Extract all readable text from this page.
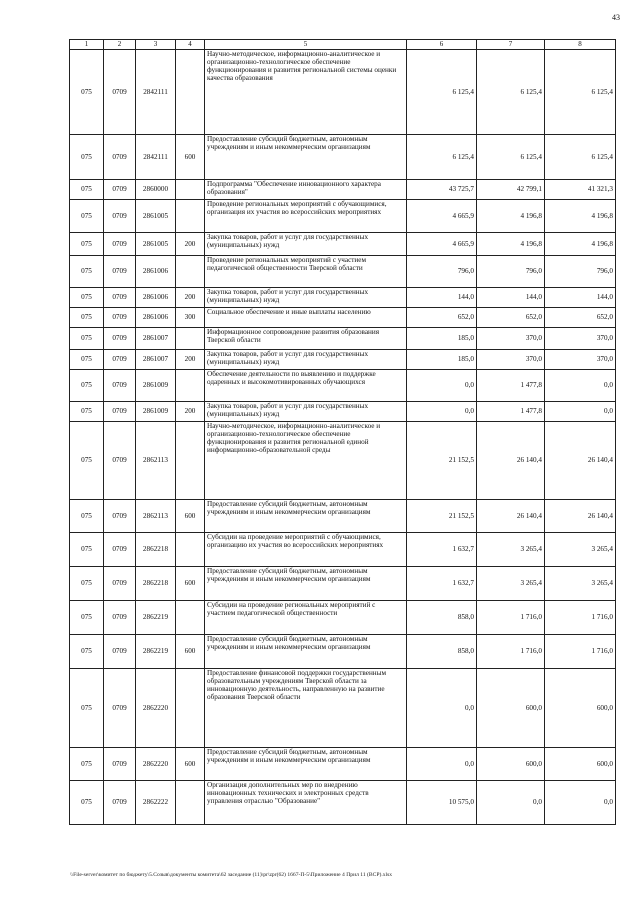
43
1	2	3	4	5	6	7	8
075	0709	2842111		Научно-методическое, информационно-аналитическое и организационно-технологическое обеспечение функционирования и развития региональной системы оценки качества образования	6 125,4	6 125,4	6 125,4
075	0709	2842111	600	Предоставление субсидий бюджетным, автономным учреждениям и иным некоммерческим организациям	6 125,4	6 125,4	6 125,4
075	0709	2860000		Подпрограмма "Обеспечение инновационного характера образования"	43 725,7	42 799,1	41 321,3
075	0709	2861005		Проведение региональных мероприятий с обучающимися, организация их участия во всероссийских мероприятиях	4 665,9	4 196,8	4 196,8
075	0709	2861005	200	Закупка товаров, работ и услуг для государственных (муниципальных) нужд	4 665,9	4 196,8	4 196,8
075	0709	2861006		Проведение региональных мероприятий с участием педагогической общественности Тверской области	796,0	796,0	796,0
075	0709	2861006	200	Закупка товаров, работ и услуг для государственных (муниципальных) нужд	144,0	144,0	144,0
075	0709	2861006	300	Социальное обеспечение и иные выплаты населению	652,0	652,0	652,0
075	0709	2861007		Информационное сопровождение развития образования Тверской области	185,0	370,0	370,0
075	0709	2861007	200	Закупка товаров, работ и услуг для государственных (муниципальных) нужд	185,0	370,0	370,0
075	0709	2861009		Обеспечение деятельности по выявлению и поддержке одаренных и высокомотивированных обучающихся	0,0	1 477,8	0,0
075	0709	2861009	200	Закупка товаров, работ и услуг для государственных (муниципальных) нужд	0,0	1 477,8	0,0
075	0709	2862113		Научно-методическое, информационно-аналитическое и организационно-технологическое обеспечение функционирования и развития региональной единой информационно-образовательной среды	21 152,5	26 140,4	26 140,4
075	0709	2862113	600	Предоставление субсидий бюджетным, автономным учреждениям и иным некоммерческим организациям	21 152,5	26 140,4	26 140,4
075	0709	2862218		Субсидии на проведение мероприятий с обучающимися, организацию их участия во всероссийских мероприятиях	1 632,7	3 265,4	3 265,4
075	0709	2862218	600	Предоставление субсидий бюджетным, автономным учреждениям и иным некоммерческим организациям	1 632,7	3 265,4	3 265,4
075	0709	2862219		Субсидии на проведение региональных мероприятий с участием педагогической общественности	858,0	1 716,0	1 716,0
075	0709	2862219	600	Предоставление субсидий бюджетным, автономным учреждениям и иным некоммерческим организациям	858,0	1 716,0	1 716,0
075	0709	2862220		Предоставление финансовой поддержки государственным образовательным учреждениям Тверской области за инновационную деятельность, направленную на развитие образования Тверской области	0,0	600,0	600,0
075	0709	2862220	600	Предоставление субсидий бюджетным, автономным учреждениям и иным некоммерческим организациям	0,0	600,0	600,0
075	0709	2862222		Организация дополнительных мер по внедрению инновационных технических и электронных средств управления отраслью "Образование"	10 575,0	0,0	0,0
\\File-server\комитет по бюджету\5.Созыв\документы комитета\62 заседание (11)\pr\zpr(62) 1667-П-5\Приложение 4 Прил 11 (ВСР).xlsx
